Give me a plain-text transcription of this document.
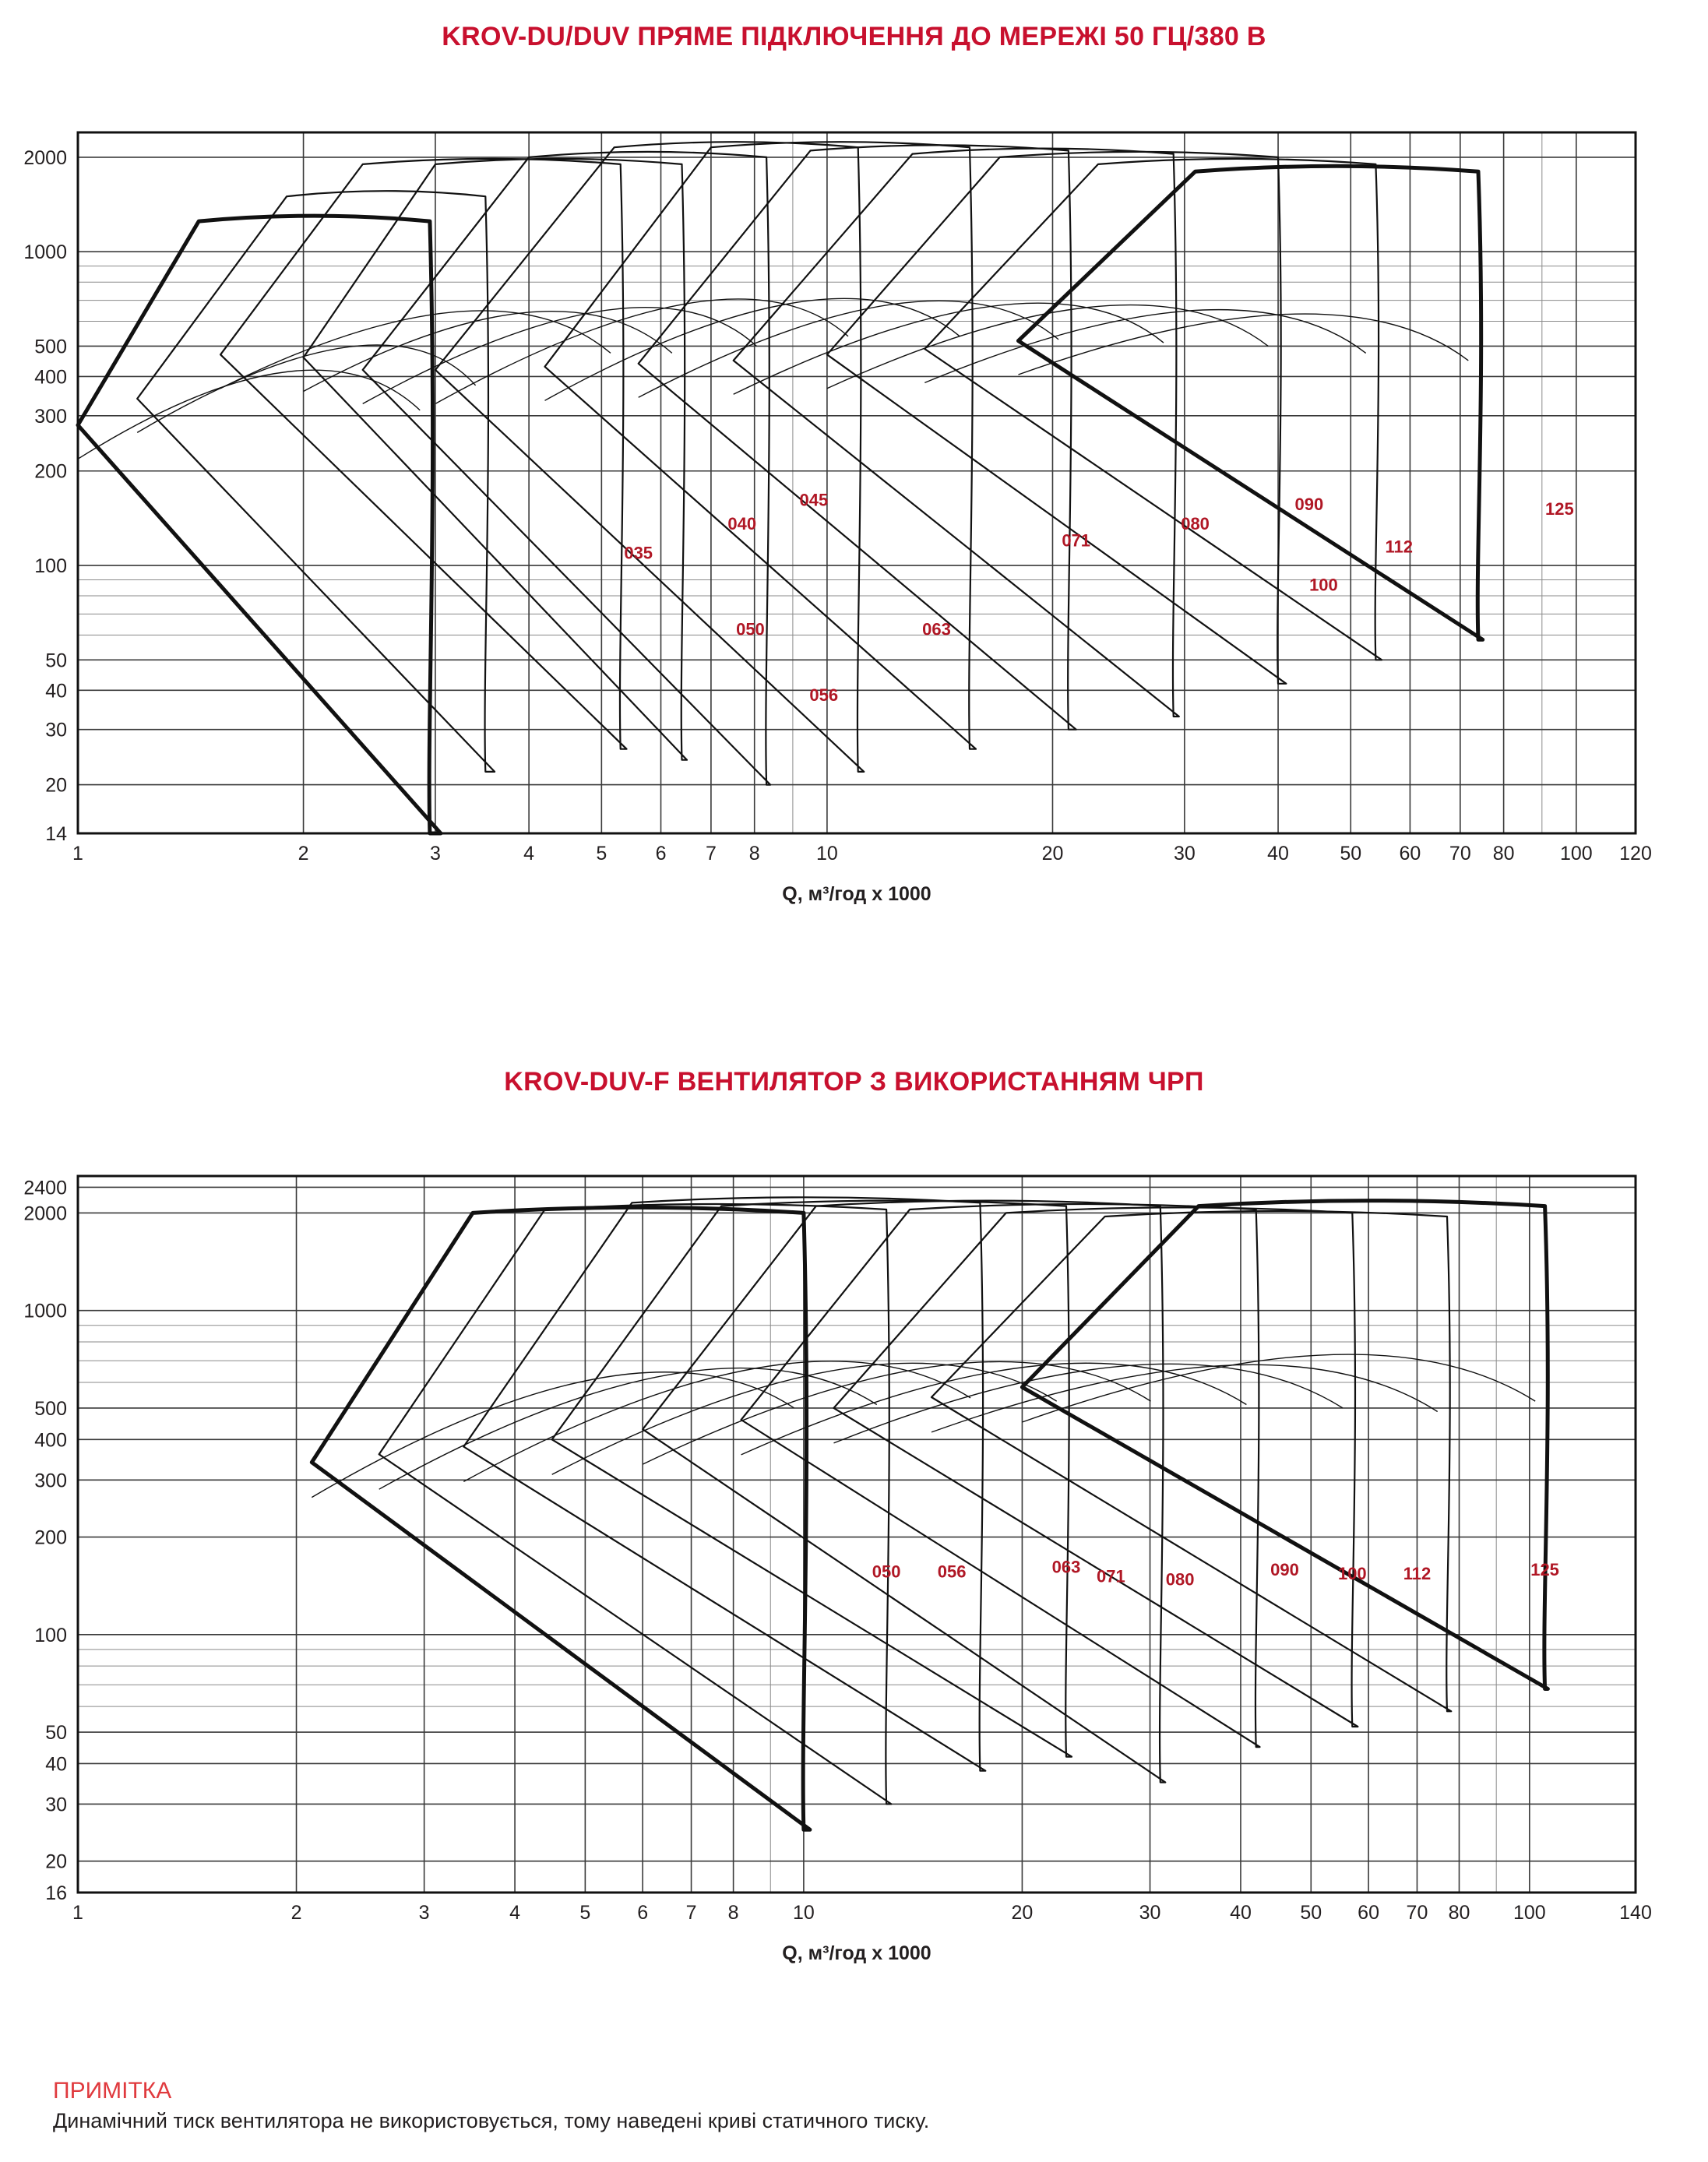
KROV-DU/DUV ПРЯМЕ ПІДКЛЮЧЕННЯ ДО МЕРЕЖІ 50 ГЦ/380 В
1	2	3	4	5 6 7 8	10	20	30	40	50 60 70 80 100 120
14
20
30
40
50
100
200
300
400
500
1000
2000
Q, м³/год х 1000
035
040
045
050
056
063
071
080
090
100
112
125
KROV-DUV-F ВЕНТИЛЯТОР З ВИКОРИСТАННЯМ ЧРП
1	2	3	4	5 6 7 8	10	20	30	40 50 60 70 80 100	140
16
20
30
40
50
100
200
300
400
500
1000
2000
2400
Q, м³/год х 1000
050 056	063 071 080	090 100 112	125

ПРИМІТКА

Динамічний тиск вентилятора не використовується, тому наведені криві статичного тиску.
